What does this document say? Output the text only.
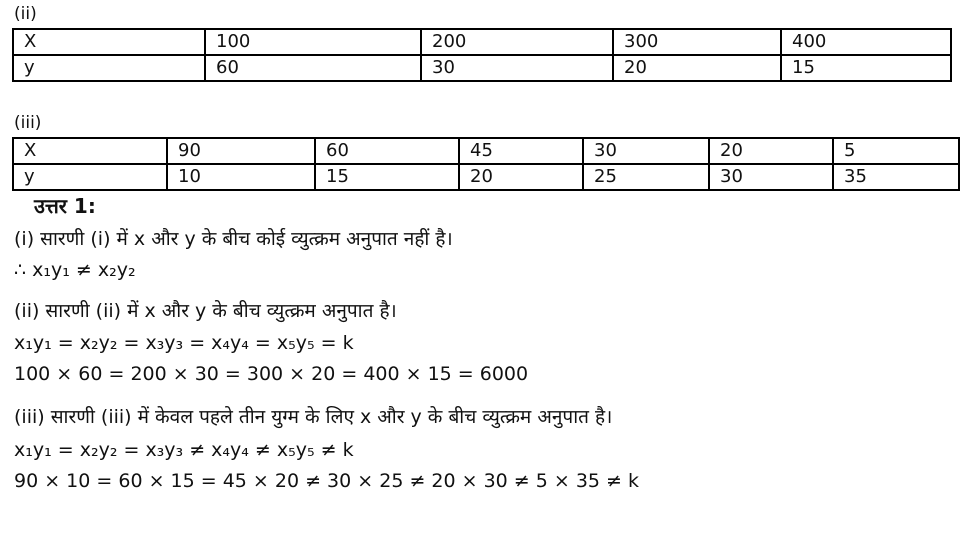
(ii)
X	100	200	300	400
y	60	30	20	15
(iii)
X	90	60	45	30	20	5
y	10	15	20	25	30	35
उत्तर 1:
(i) सारणी (i) में x और y के बीच कोई व्युत्क्रम अनुपात नहीं है।
∴ x₁y₁ ≠ x₂y₂
(ii) सारणी (ii) में x और y के बीच व्युत्क्रम अनुपात है।
x₁y₁ = x₂y₂ = x₃y₃ = x₄y₄ = x₅y₅ = k
100 × 60 = 200 × 30 = 300 × 20 = 400 × 15 = 6000
(iii) सारणी (iii) में केवल पहले तीन युग्म के लिए x और y के बीच व्युत्क्रम अनुपात है।
x₁y₁ = x₂y₂ = x₃y₃ ≠ x₄y₄ ≠ x₅y₅ ≠ k
90 × 10 = 60 × 15 = 45 × 20 ≠ 30 × 25 ≠ 20 × 30 ≠ 5 × 35 ≠ k
